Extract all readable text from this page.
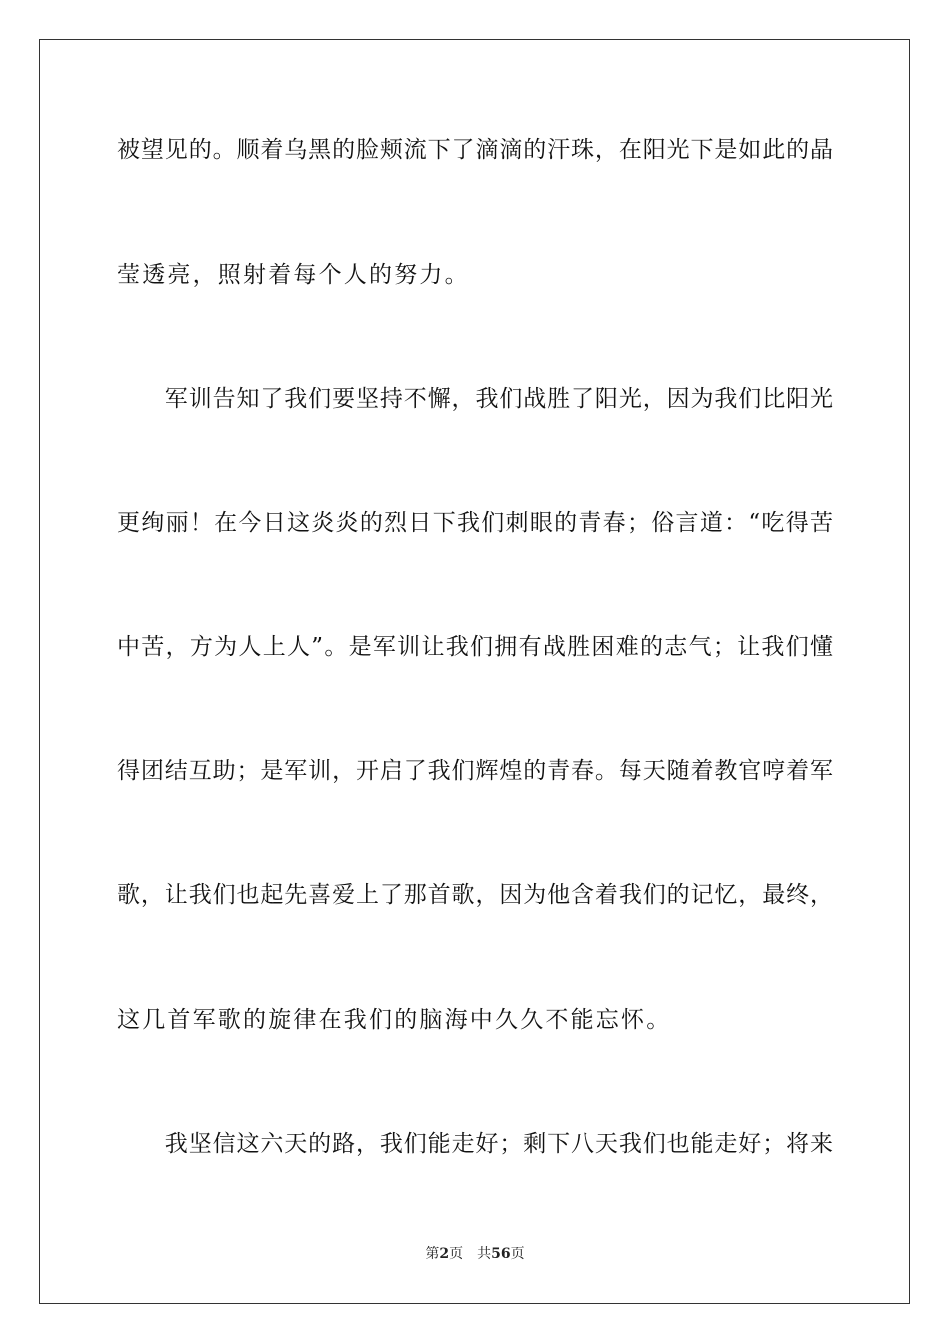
被望见的。顺着乌黑的脸颊流下了滴滴的汗珠，在阳光下是如此的晶
莹透亮，照射着每个人的努力。
　　军训告知了我们要坚持不懈，我们战胜了阳光，因为我们比阳光
更绚丽！在今日这炎炎的烈日下我们刺眼的青春；俗言道：“吃得苦
中苦，方为人上人”。是军训让我们拥有战胜困难的志气；让我们懂
得团结互助；是军训，开启了我们辉煌的青春。每天随着教官哼着军
歌，让我们也起先喜爱上了那首歌，因为他含着我们的记忆，最终，
这几首军歌的旋律在我们的脑海中久久不能忘怀。
　　我坚信这六天的路，我们能走好；剩下八天我们也能走好；将来
第2页 共56页
